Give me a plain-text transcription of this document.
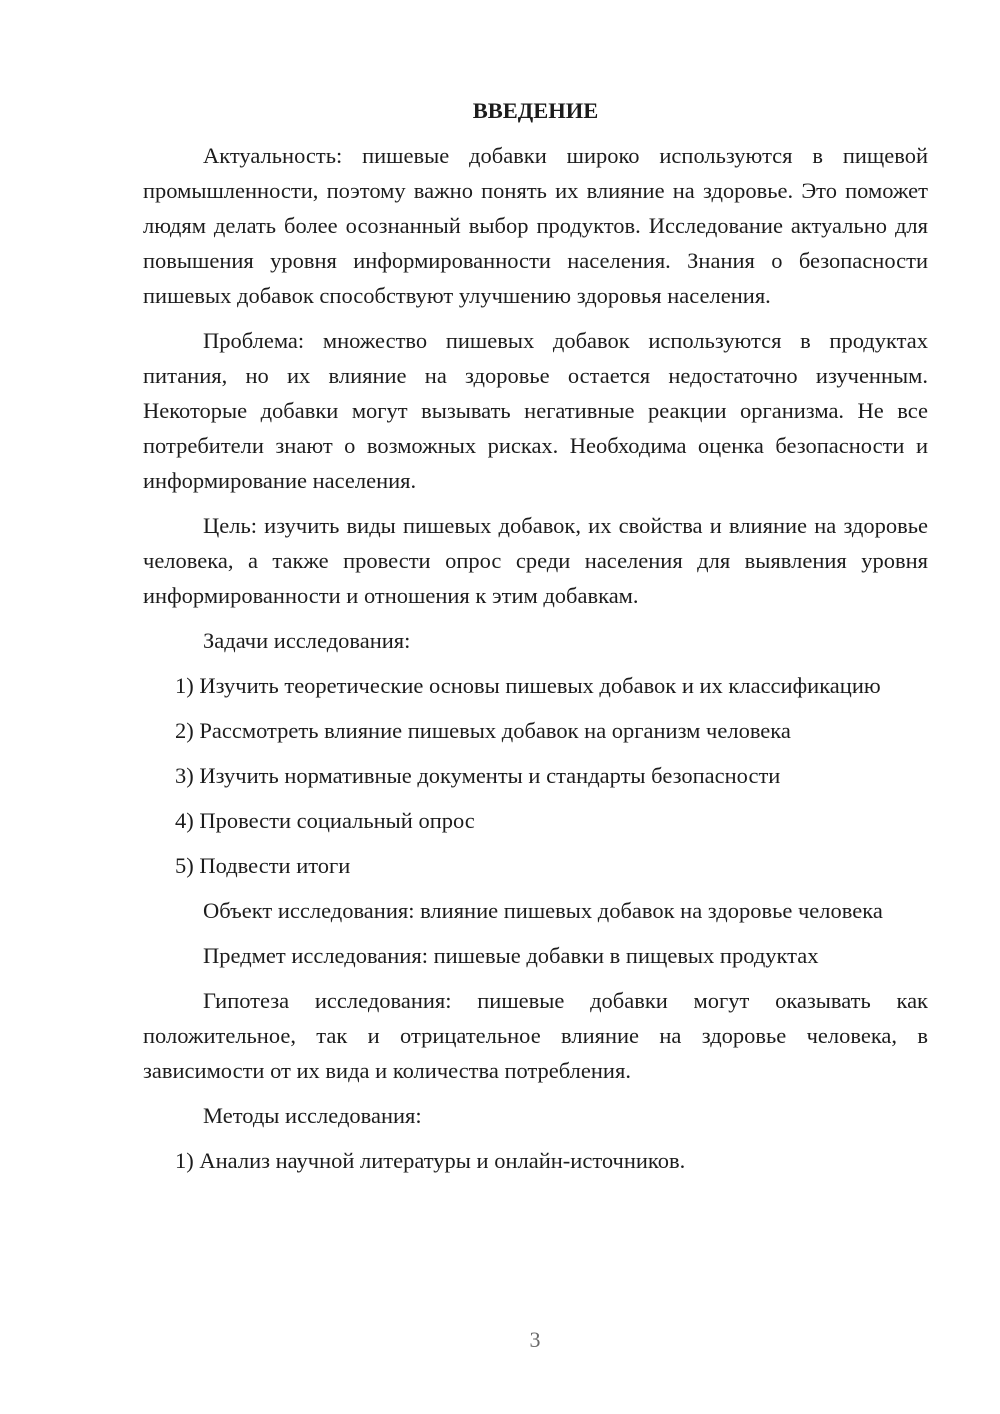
ВВЕДЕНИЕ

Актуальность: пишевые добавки широко используются в пищевой промышленности, поэтому важно понять их влияние на здоровье. Это поможет людям делать более осознанный выбор продуктов. Исследование актуально для повышения уровня информированности населения. Знания о безопасности пишевых добавок способствуют улучшению здоровья населения.

Проблема: множество пишевых добавок используются в продуктах питания, но их влияние на здоровье остается недостаточно изученным. Некоторые добавки могут вызывать негативные реакции организма. Не все потребители знают о возможных рисках. Необходима оценка безопасности и информирование населения.

Цель: изучить виды пишевых добавок, их свойства и влияние на здоровье человека, а также провести опрос среди населения для выявления уровня информированности и отношения к этим добавкам.

Задачи исследования:

1) Изучить теоретические основы пишевых добавок и их классификацию

2) Рассмотреть влияние пишевых добавок на организм человека

3) Изучить нормативные документы и стандарты безопасности

4) Провести социальный опрос

5) Подвести итоги

Объект исследования: влияние пишевых добавок на здоровье человека

Предмет исследования: пишевые добавки в пищевых продуктах

Гипотеза исследования: пишевые добавки могут оказывать как положительное, так и отрицательное влияние на здоровье человека, в зависимости от их вида и количества потребления.

Методы исследования:

1) Анализ научной литературы и онлайн-источников.

3
